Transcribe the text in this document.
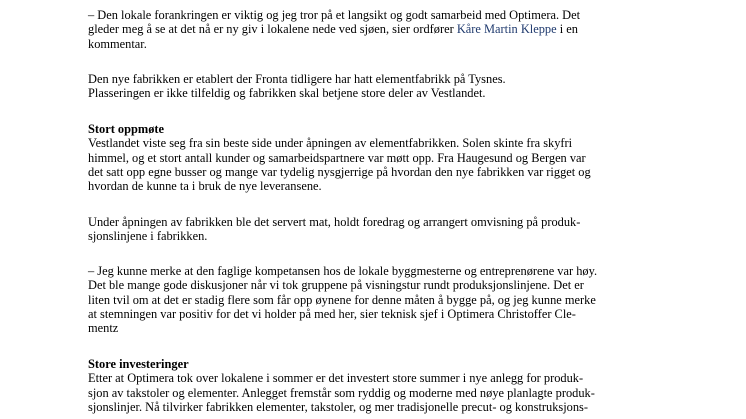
– Den lokale forankringen er viktig og jeg tror på et langsikt og godt samarbeid med Optimera. Det
gleder meg å se at det nå er ny giv i lokalene nede ved sjøen, sier ordfører Kåre Martin Kleppe i en
kommentar.
Den nye fabrikken er etablert der Fronta tidligere har hatt elementfabrikk på Tysnes.
Plasseringen er ikke tilfeldig og fabrikken skal betjene store deler av Vestlandet.
Stort oppmøte
Vestlandet viste seg fra sin beste side under åpningen av elementfabrikken. Solen skinte fra skyfri
himmel, og et stort antall kunder og samarbeidspartnere var møtt opp. Fra Haugesund og Bergen var
det satt opp egne busser og mange var tydelig nysgjerrige på hvordan den nye fabrikken var rigget og
hvordan de kunne ta i bruk de nye leveransene.
Under åpningen av fabrikken ble det servert mat, holdt foredrag og arrangert omvisning på produk-
sjonslinjene i fabrikken.
– Jeg kunne merke at den faglige kompetansen hos de lokale byggmesterne og entreprenørene var høy.
Det ble mange gode diskusjoner når vi tok gruppene på visningstur rundt produksjonslinjene. Det er
liten tvil om at det er stadig flere som får opp øynene for denne måten å bygge på, og jeg kunne merke
at stemningen var positiv for det vi holder på med her, sier teknisk sjef i Optimera Christoffer Cle-
mentz
Store investeringer
Etter at Optimera tok over lokalene i sommer er det investert store summer i nye anlegg for produk-
sjon av takstoler og elementer. Anlegget fremstår som ryddig og moderne med nøye planlagte produk-
sjonslinjer. Nå tilvirker fabrikken elementer, takstoler, og mer tradisjonelle precut- og konstruksjons-
